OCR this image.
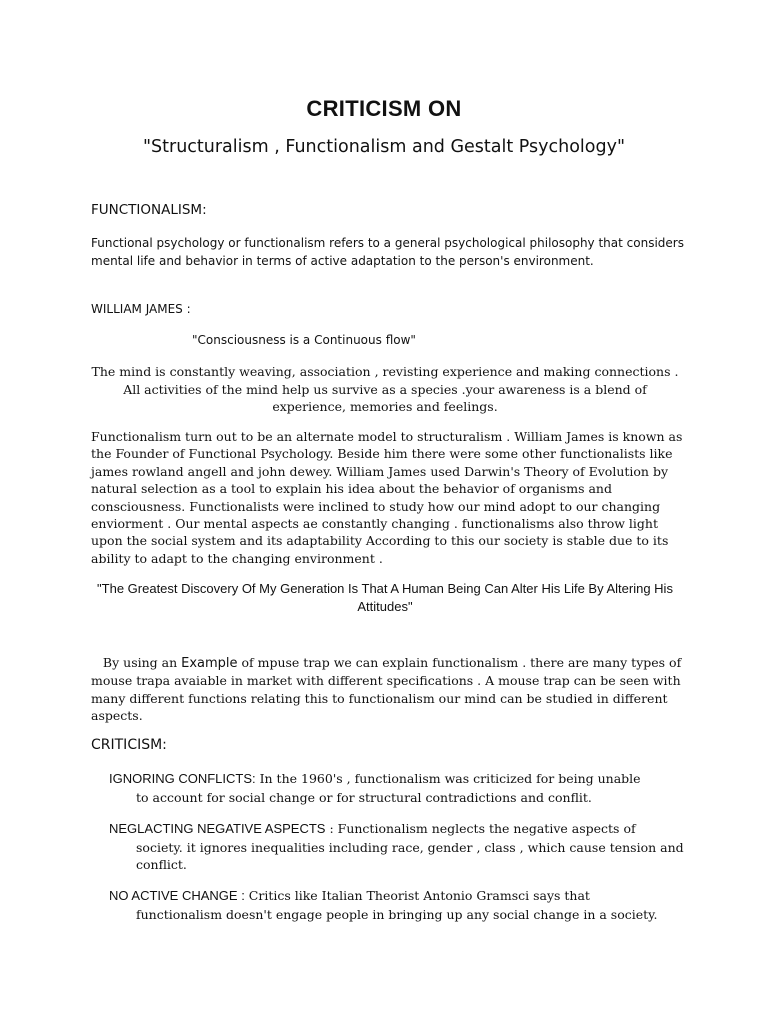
CRITICISM ON
"Structuralism , Functionalism and Gestalt Psychology"
FUNCTIONALISM:
Functional psychology or functionalism refers to a general psychological philosophy that considers mental life and behavior in terms of active adaptation to the person's environment.
WILLIAM JAMES :
"Consciousness is a Continuous flow"
The mind is constantly weaving, association , revisting experience and making connections . All activities of the mind help us survive as a species .your awareness is a blend of experience, memories and feelings.
Functionalism turn out to be an alternate model to structuralism . William James is known as the Founder of Functional Psychology. Beside him there were some other functionalists like james rowland angell and john dewey. William James used Darwin's Theory of Evolution by natural selection as a tool to explain his idea about the behavior of organisms and consciousness. Functionalists were inclined to study how our mind adopt to our changing enviorment . Our mental aspects ae constantly changing . functionalisms also throw light upon the social system and its adaptability According to this our society is stable due to its ability to adapt to the changing environment .
"The Greatest Discovery Of My Generation Is That A Human Being Can Alter His Life By Altering His Attitudes"
By using an Example of mpuse trap we can explain functionalism . there are many types of mouse trapa avaiable in market with different specifications . A mouse trap can be seen with many different functions relating this to functionalism our mind can be studied in different aspects.
CRITICISM:
IGNORING CONFLICTS: In the 1960's , functionalism was criticized for being unable
to account for social change or for structural contradictions and conflit.
NEGLACTING NEGATIVE ASPECTS : Functionalism neglects the negative aspects of
society. it ignores inequalities including race, gender , class , which cause tension and conflict.
NO ACTIVE CHANGE : Critics like Italian Theorist Antonio Gramsci says that
functionalism doesn't engage people in bringing up any social change in a society.
